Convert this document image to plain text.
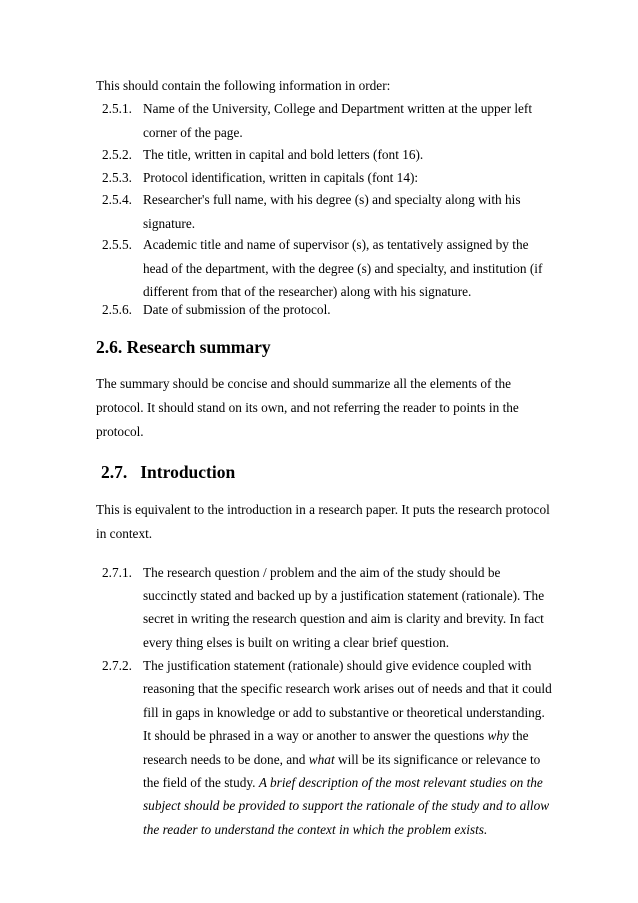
This should contain the following information in order:

2.5.1. Name of the University, College and Department written at the upper left
corner of the page.

2.5.2. The title, written in capital and bold letters (font 16).

2.5.3. Protocol identification, written in capitals (font 14):

2.5.4. Researcher's full name, with his degree (s) and specialty along with his
signature.

2.5.5. Academic title and name of supervisor (s), as tentatively assigned by the
head of the department, with the degree (s) and specialty, and institution (if
different from that of the researcher) along with his signature.

2.5.6. Date of submission of the protocol.

2.6. Research summary

The summary should be concise and should summarize all the elements of the
protocol. It should stand on its own, and not referring the reader to points in the
protocol.

2.7. Introduction

This is equivalent to the introduction in a research paper. It puts the research protocol
in context.

2.7.1. The research question / problem and the aim of the study should be
succinctly stated and backed up by a justification statement (rationale). The
secret in writing the research question and aim is clarity and brevity. In fact
every thing elses is built on writing a clear brief question.

2.7.2. The justification statement (rationale) should give evidence coupled with
reasoning that the specific research work arises out of needs and that it could
fill in gaps in knowledge or add to substantive or theoretical understanding.
It should be phrased in a way or another to answer the questions why the
research needs to be done, and what will be its significance or relevance to
the field of the study. A brief description of the most relevant studies on the
subject should be provided to support the rationale of the study and to allow
the reader to understand the context in which the problem exists.
